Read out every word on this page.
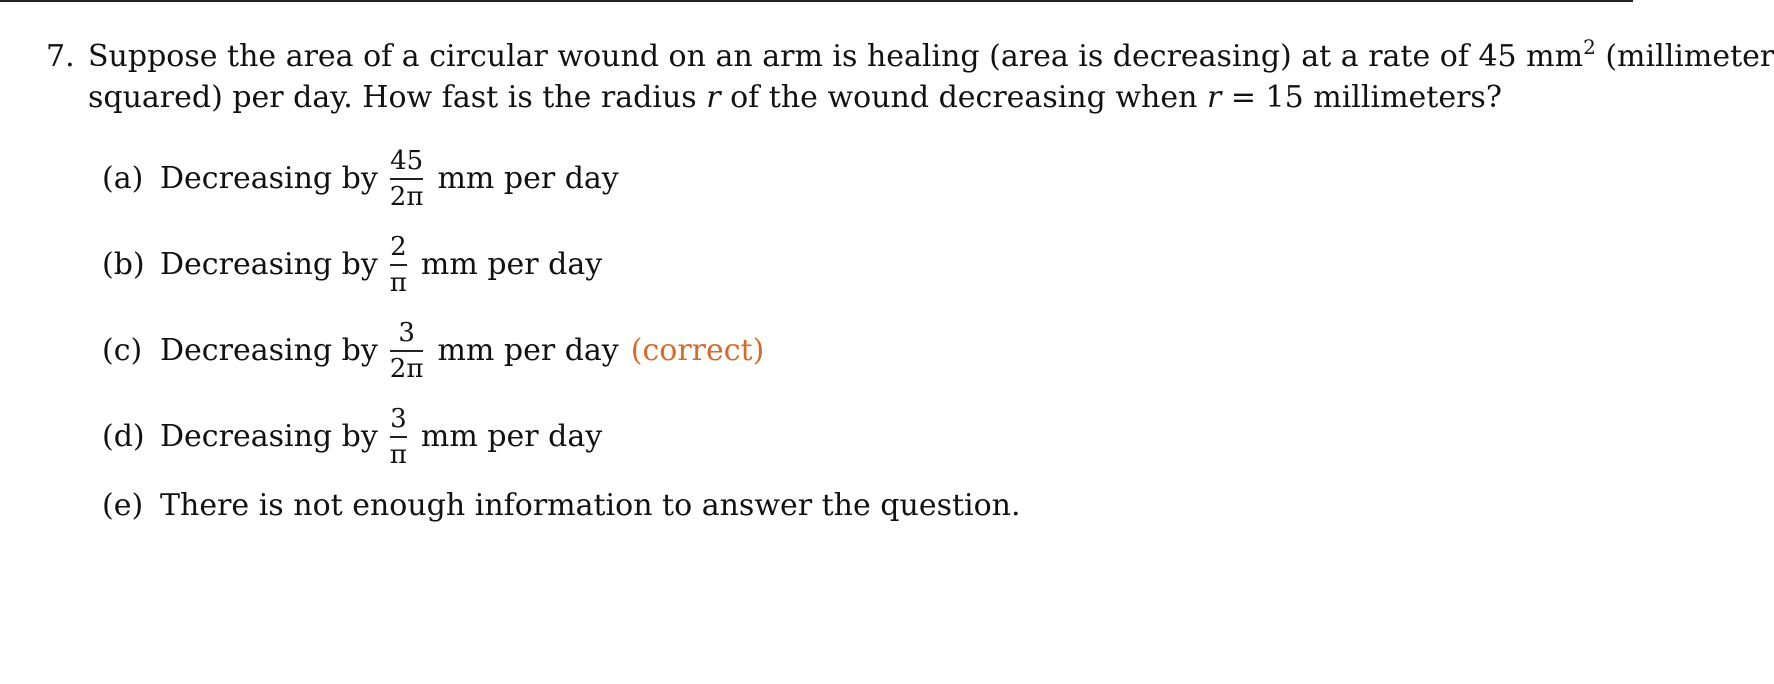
7. Suppose the area of a circular wound on an arm is healing (area is decreasing) at a rate of 45 $mm^2$ (millimeter
squared) per day. How fast is the radius r of the wound decreasing when r = 15 millimeters?
(a) Decreasing by $\frac{45}{2\pi}$ mm per day
(b) Decreasing by $\frac{2}{\pi}$ mm per day
(c) Decreasing by $\frac{3}{2\pi}$ mm per day (correct)
(d) Decreasing by $\frac{3}{\pi}$ mm per day
(e) There is not enough information to answer the question.
